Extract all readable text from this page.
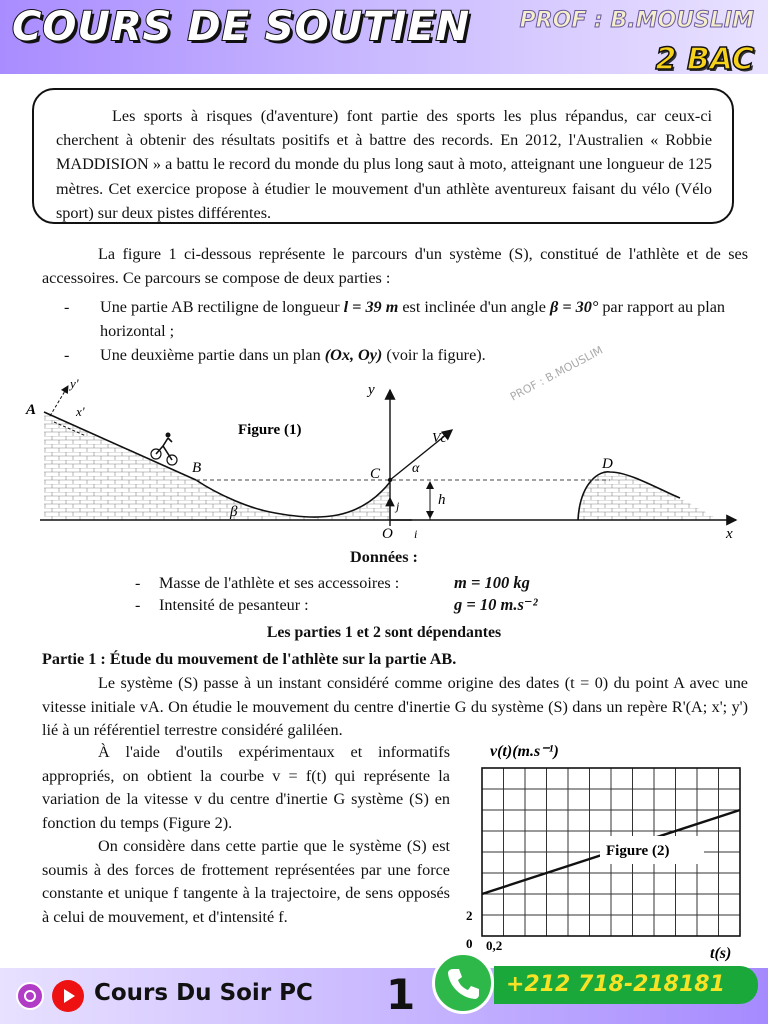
COURS DE SOUTIEN PROF : B.MOUSLIM
2 BAC
Les sports à risques (d'aventure) font partie des sports les plus répandus, car ceux-ci cherchent à obtenir des résultats positifs et à battre des records. En 2012, l'Australien « Robbie MADDISION » a battu le record du monde du plus long saut à moto, atteignant une longueur de 125 mètres. Cet exercice propose à étudier le mouvement d'un athlète aventureux faisant du vélo (Vélo sport) sur deux pistes différentes.
La figure 1 ci-dessous représente le parcours d'un système (S), constitué de l'athlète et de ses accessoires. Ce parcours se compose de deux parties :
-	Une partie AB rectiligne de longueur l = 39 m est inclinée d'un angle β = 30° par rapport au plan horizontal ;
-	Une deuxième partie dans un plan (Ox, Oy) (voir la figure).
A
B	C
D
O	x
y
y'
x'
β
α
h
Vc
j
i
Figure (1)
PROF : B.MOUSLIM
Données :
-	Masse de l'athlète et ses accessoires :	m = 100 kg
-	Intensité de pesanteur :	g = 10 m.s⁻²
Les parties 1 et 2 sont dépendantes
Partie 1 : Étude du mouvement de l'athlète sur la partie AB.
Le système (S) passe à un instant considéré comme origine des dates (t = 0) du point A avec une vitesse initiale vA. On étudie le mouvement du centre d'inertie G du système (S) dans un repère R'(A; x'; y') lié à un référentiel terrestre considéré galiléen.
À l'aide d'outils expérimentaux et informatifs appropriés, on obtient la courbe v = f(t) qui représente la variation de la vitesse v du centre d'inertie G système (S) en fonction du temps (Figure 2).
On considère dans cette partie que le système (S) est soumis à des forces de frottement représentées par une force constante et unique f tangente à la trajectoire, de sens opposés à celui de mouvement, et d'intensité f.
Figure (2)
v(t)(m.s⁻¹)
t(s)
0 0,2
2
Cours Du Soir PC 1	+212 718-218181
